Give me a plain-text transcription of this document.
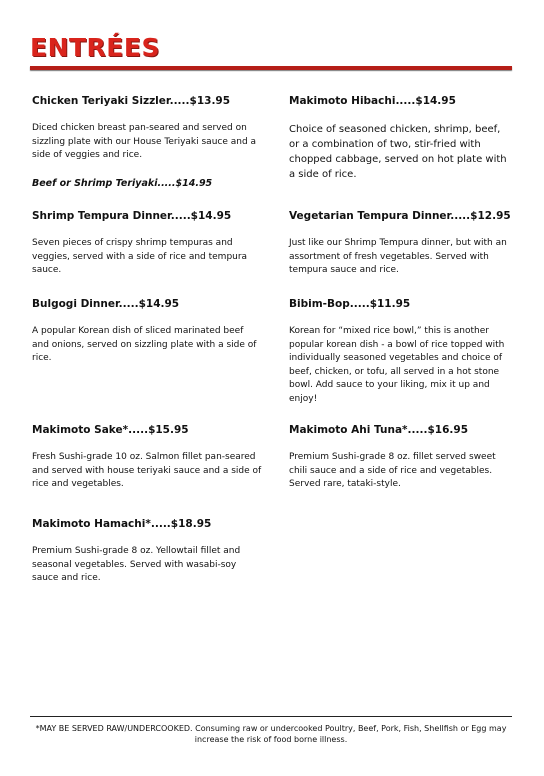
ENTRÉES
Chicken Teriyaki Sizzler.....$13.95
Diced chicken breast pan-seared and served on sizzling plate with our House Teriyaki sauce and a side of veggies and rice.
Beef or Shrimp Teriyaki.....$14.95
Shrimp Tempura Dinner.....$14.95
Seven pieces of crispy shrimp tempuras and veggies, served with a side of rice and tempura sauce.
Bulgogi Dinner.....$14.95
A popular Korean dish of sliced marinated beef and onions, served on sizzling plate with a side of rice.
Makimoto Sake*.....$15.95
Fresh Sushi-grade 10 oz. Salmon fillet pan-seared and served with house teriyaki sauce and a side of rice and vegetables.
Makimoto Hamachi*.....$18.95
Premium Sushi-grade 8 oz. Yellowtail fillet and seasonal vegetables. Served with wasabi-soy sauce and rice.
Makimoto Hibachi.....$14.95
Choice of seasoned chicken, shrimp, beef, or a combination of two, stir-fried with chopped cabbage, served on hot plate with a side of rice.
Vegetarian Tempura Dinner.....$12.95
Just like our Shrimp Tempura dinner, but with an assortment of fresh vegetables. Served with tempura sauce and rice.
Bibim-Bop.....$11.95
Korean for “mixed rice bowl,” this is another popular korean dish - a bowl of rice topped with individually seasoned vegetables and choice of beef, chicken, or tofu, all served in a hot stone bowl. Add sauce to your liking, mix it up and enjoy!
Makimoto Ahi Tuna*.....$16.95
Premium Sushi-grade 8 oz. fillet served sweet chili sauce and a side of rice and vegetables. Served rare, tataki-style.
*MAY BE SERVED RAW/UNDERCOOKED. Consuming raw or undercooked Poultry, Beef, Pork, Fish, Shellfish or Egg may increase the risk of food borne illness.
